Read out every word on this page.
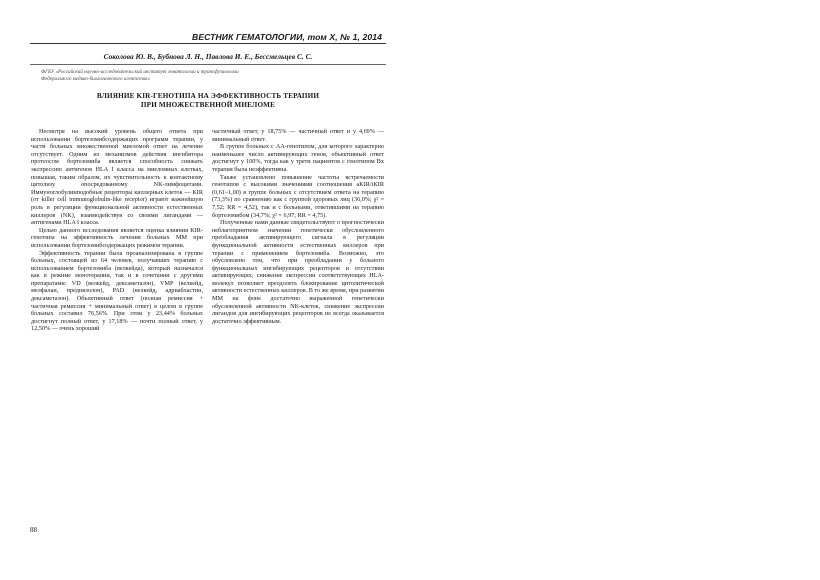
ВЕСТНИК ГЕМАТОЛОГИИ, том X, № 1, 2014
Соколова Ю. В., Бубнова Л. Н., Павлова И. Е., Бессмельцев С. С.
ФГБУ «Российский научно-исследовательский институт гематологии и трансфузиологии
Федерального медико-биологического агентства»
ВЛИЯНИЕ KIR-ГЕНОТИПА НА ЭФФЕКТИВНОСТЬ ТЕРАПИИ
ПРИ МНОЖЕСТВЕННОЙ МИЕЛОМЕ

Несмотря на высокий уровень общего ответа при использовании бортезомибсодержащих программ терапии, у части больных множественной миеломой ответ на лечение отсутствует. Одним из механизмов действия ингибитора протеосом бортезомиба является способность снижать экспрессию антигенов HLA I класса на миеломных клетках, повышая, таким образом, их чувствительность к контактному цитолизу опосредованному NK-лимфоцитами. Иммуноглобулинподобные рецепторы киллерных клеток — KIR (от killer cell immunoglobulin-like receptor) играют важнейшую роль в регуляции функциональной активности естественных киллеров (NK), взаимодействуя со своими лигандами — антигенами HLA I класса.

Целью данного исследования является оценка влияния KIR-генотипа на эффективность лечения больных ММ при использовании бортезомибсодержащих режимов терапии.

Эффективность терапии была проанализирована в группе больных, состоящей из 64 человек, получавших терапию с использованием бортезомиба (велкейда), который назначался как в режиме монотерапии, так и в сочетании с другими препаратами: VD (велкейд, дексаметазон), VMP (велкейд, мелфалан, преднизолон), PAD (велкейд, адриабластин, дексаметазон). Объективный ответ (полная ремиссия + частичная ремиссия + минимальный ответ) в целом в группе больных составил 76,56%. При этом у 23,44% больных достигнут полный ответ, у 17,18% — почти полный ответ, у 12,50% — очень хороший

частичный ответ, у 18,75% — частичный ответ и у 4,69% — минимальный ответ.

В группе больных с АА-генотипом, для которого характерно наименьшее число активирующих генов, объективный ответ достигнут у 100%, тогда как у трети пациентов с генотипом Bx терапия была неэффективна.

Также установлено повышение частоты встречаемости генотипов с высокими значениями соотношения aKIR/iKIR (0,61–1,00) в группе больных с отсутствием ответа на терапию (73,3%) по сравнению как с группой здоровых лиц (36,0%; χ² = 7,52; RR = 4,52), так и с больными, ответившими на терапию бортезомибом (34,7%; χ² = 6,97; RR = 4,75).

Полученные нами данные свидетельствуют о прогностически неблагоприятном значении генетически обусловленного преобладания активирующего сигнала в регуляции функциональной активности естественных киллеров при терапии с применением бортезомиба. Возможно, это обусловлено тем, что при преобладании у больного функциональных ингибирующих рецепторов и отсутствии активирующих, снижение экспрессии соответствующих HLA-молекул позволяет преодолеть блокирование цитолитической активности естественных киллеров. В то же время, при развитии ММ на фоне достаточно выраженной генетически обусловленной активности NK-клеток, снижение экспрессии лигандов для ингибирующих рецепторов не всегда оказывается достаточно эффективным.

88
